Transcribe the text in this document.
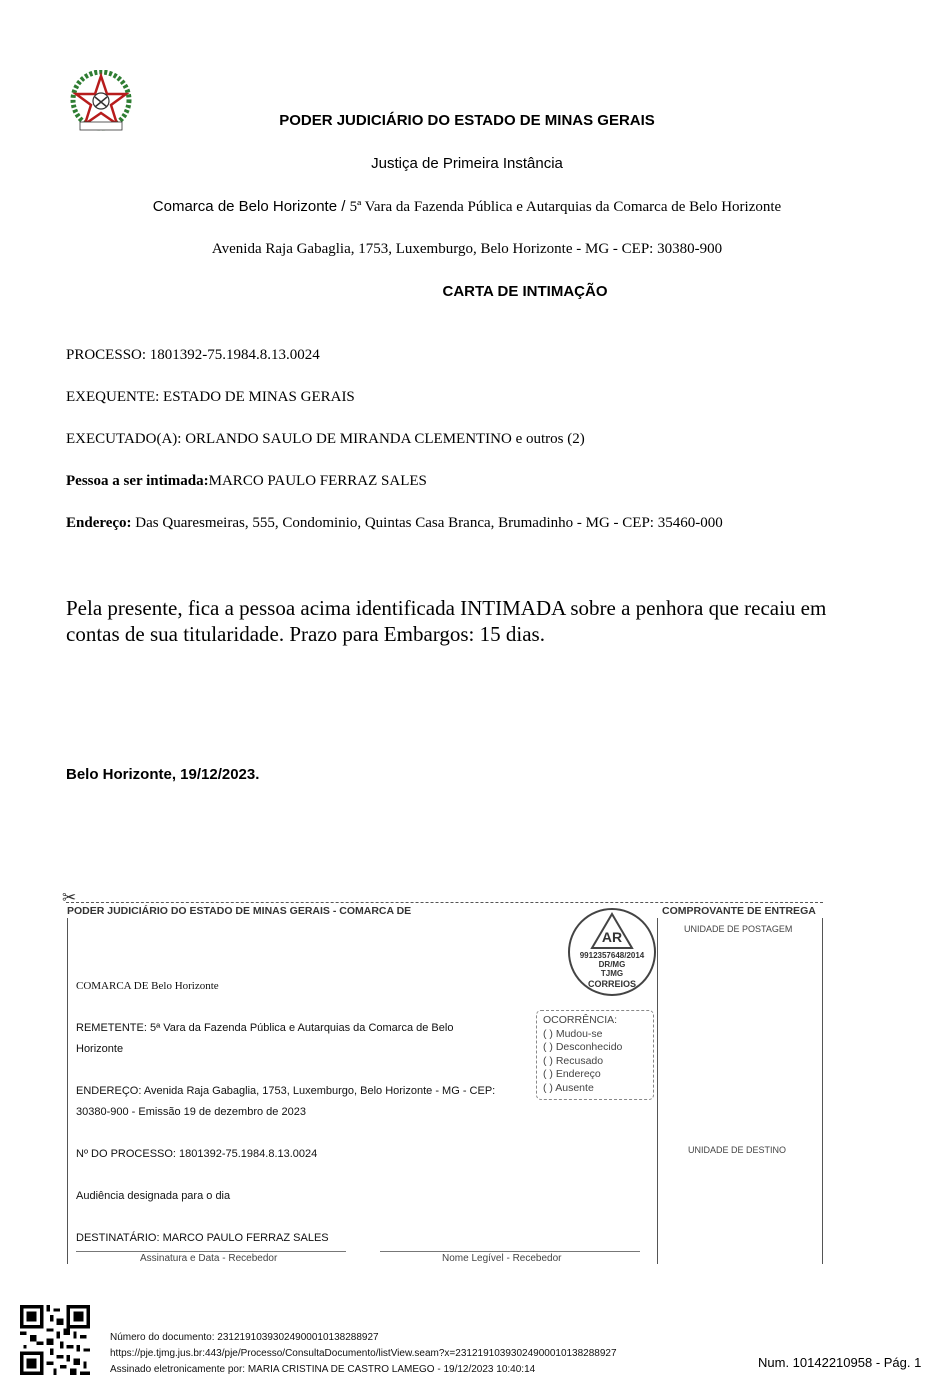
PODER JUDICIÁRIO DO ESTADO DE MINAS GERAIS
Justiça de Primeira Instância
Comarca de Belo Horizonte / 5ª Vara da Fazenda Pública e Autarquias da Comarca de Belo Horizonte
Avenida Raja Gabaglia, 1753, Luxemburgo, Belo Horizonte - MG - CEP: 30380-900
CARTA DE INTIMAÇÃO
PROCESSO: 1801392-75.1984.8.13.0024
EXEQUENTE: ESTADO DE MINAS GERAIS
EXECUTADO(A): ORLANDO SAULO DE MIRANDA CLEMENTINO e outros (2)
Pessoa a ser intimada:MARCO PAULO FERRAZ SALES
Endereço: Das Quaresmeiras, 555, Condominio, Quintas Casa Branca, Brumadinho - MG - CEP: 35460-000
Pela presente, fica a pessoa acima identificada INTIMADA sobre a penhora que recaiu em contas de sua titularidade. Prazo para Embargos: 15 dias.
Belo Horizonte, 19/12/2023.
✂
PODER JUDICIÁRIO DO ESTADO DE MINAS GERAIS - COMARCA DE	COMPROVANTE DE ENTREGA
UNIDADE DE POSTAGEM
UNIDADE DE DESTINO
AR
9912357648/2014
DR/MG
TJMG
CORREIOS
OCORRÊNCIA:
( ) Mudou-se
( ) Desconhecido
( ) Recusado
( ) Endereço
( ) Ausente
COMARCA DE Belo Horizonte
REMETENTE: 5ª Vara da Fazenda Pública e Autarquias da Comarca de Belo
Horizonte
ENDEREÇO: Avenida Raja Gabaglia, 1753, Luxemburgo, Belo Horizonte - MG - CEP:
30380-900 - Emissão 19 de dezembro de 2023
Nº DO PROCESSO: 1801392-75.1984.8.13.0024
Audiência designada para o dia
DESTINATÁRIO: MARCO PAULO FERRAZ SALES
Assinatura e Data - Recebedor	Nome Legível - Recebedor
Número do documento: 23121910393024900010138288927
https://pje.tjmg.jus.br:443/pje/Processo/ConsultaDocumento/listView.seam?x=23121910393024900010138288927
Assinado eletronicamente por: MARIA CRISTINA DE CASTRO LAMEGO - 19/12/2023 10:40:14	Num. 10142210958 - Pág. 1
